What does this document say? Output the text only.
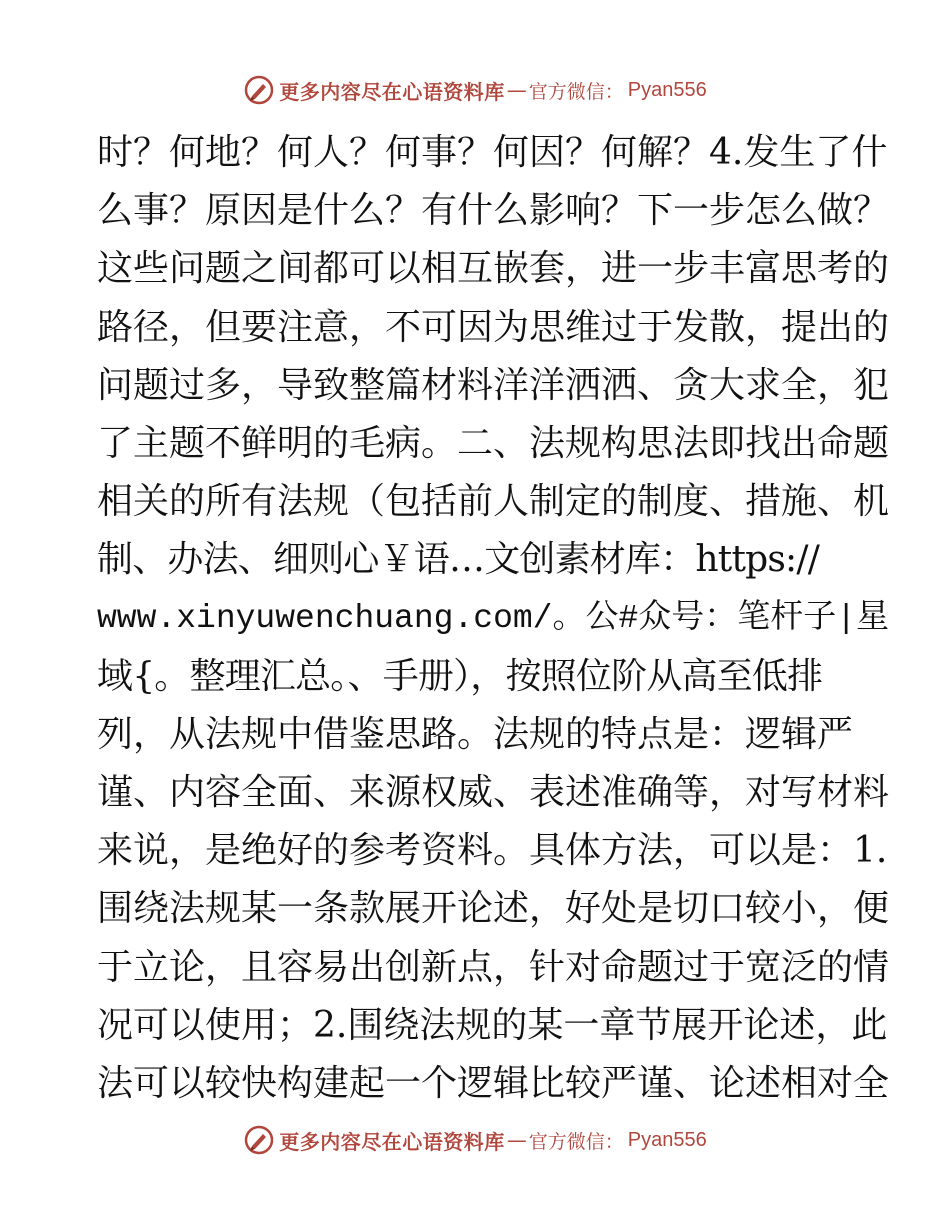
更多内容尽在心语资料库 — 官方微信： Pyan556
时？何地？何人？何事？何因？何解？4.发生了什
么事？原因是什么？有什么影响？下一步怎么做？
这些问题之间都可以相互嵌套，进一步丰富思考的
路径，但要注意，不可因为思维过于发散，提出的
问题过多，导致整篇材料洋洋洒洒、贪大求全，犯
了主题不鲜明的毛病。二、法规构思法即找出命题
相关的所有法规（包括前人制定的制度、措施、机
制、办法、细则心￥语…文创素材库：https://
www.xinyuwenchuang.com/。公#众号：笔杆子|星
域{。整理汇总。、手册），按照位阶从高至低排
列，从法规中借鉴思路。法规的特点是：逻辑严
谨、内容全面、来源权威、表述准确等，对写材料
来说，是绝好的参考资料。具体方法，可以是：1.
围绕法规某一条款展开论述，好处是切口较小，便
于立论，且容易出创新点，针对命题过于宽泛的情
况可以使用；2.围绕法规的某一章节展开论述，此
法可以较快构建起一个逻辑比较严谨、论述相对全
更多内容尽在心语资料库 — 官方微信： Pyan556
